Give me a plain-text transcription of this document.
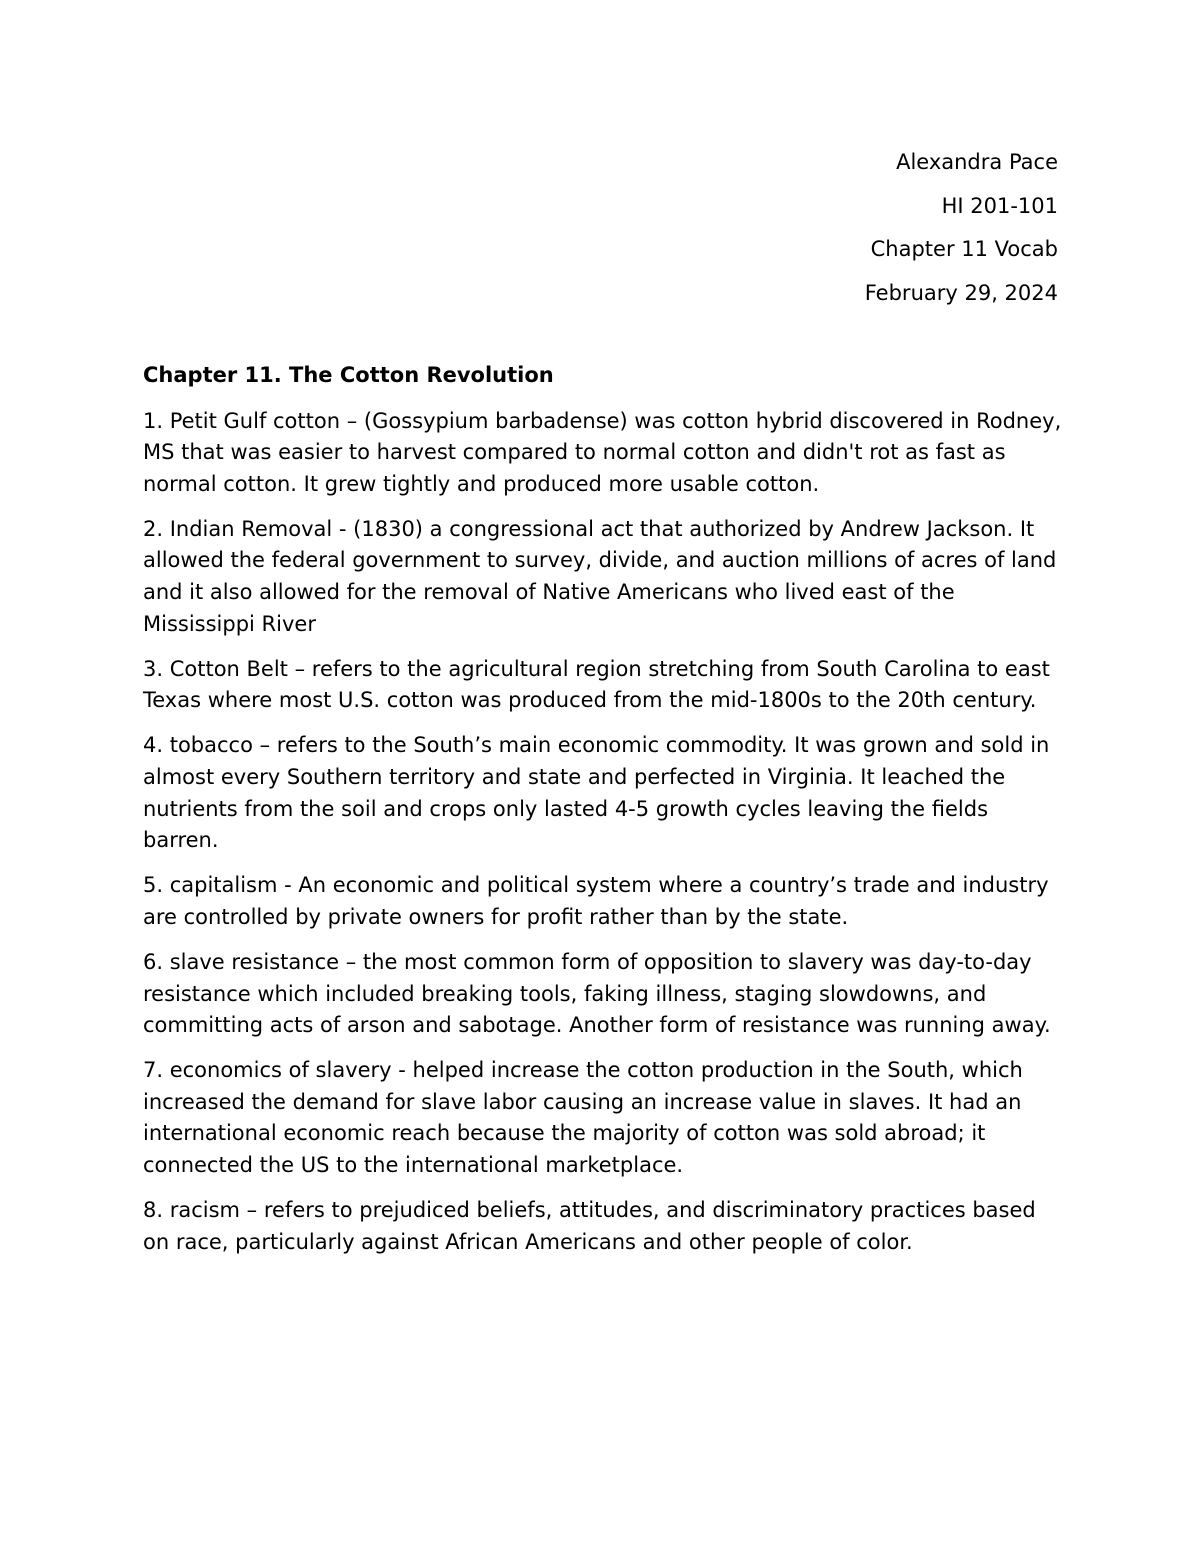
Alexandra Pace
HI 201-101
Chapter 11 Vocab
February 29, 2024
Chapter 11. The Cotton Revolution

1. Petit Gulf cotton – (Gossypium barbadense) was cotton hybrid discovered in Rodney, MS that was easier to harvest compared to normal cotton and didn't rot as fast as normal cotton. It grew tightly and produced more usable cotton.

2. Indian Removal - (1830) a congressional act that authorized by Andrew Jackson. It allowed the federal government to survey, divide, and auction millions of acres of land and it also allowed for the removal of Native Americans who lived east of the Mississippi River

3. Cotton Belt – refers to the agricultural region stretching from South Carolina to east Texas where most U.S. cotton was produced from the mid-1800s to the 20th century.

4. tobacco – refers to the South’s main economic commodity. It was grown and sold in almost every Southern territory and state and perfected in Virginia. It leached the nutrients from the soil and crops only lasted 4-5 growth cycles leaving the fields barren.

5. capitalism - An economic and political system where a country’s trade and industry are controlled by private owners for profit rather than by the state.

6. slave resistance – the most common form of opposition to slavery was day-to-day resistance which included breaking tools, faking illness, staging slowdowns, and committing acts of arson and sabotage. Another form of resistance was running away.

7. economics of slavery - helped increase the cotton production in the South, which increased the demand for slave labor causing an increase value in slaves. It had an international economic reach because the majority of cotton was sold abroad; it connected the US to the international marketplace.

8. racism – refers to prejudiced beliefs, attitudes, and discriminatory practices based on race, particularly against African Americans and other people of color.
